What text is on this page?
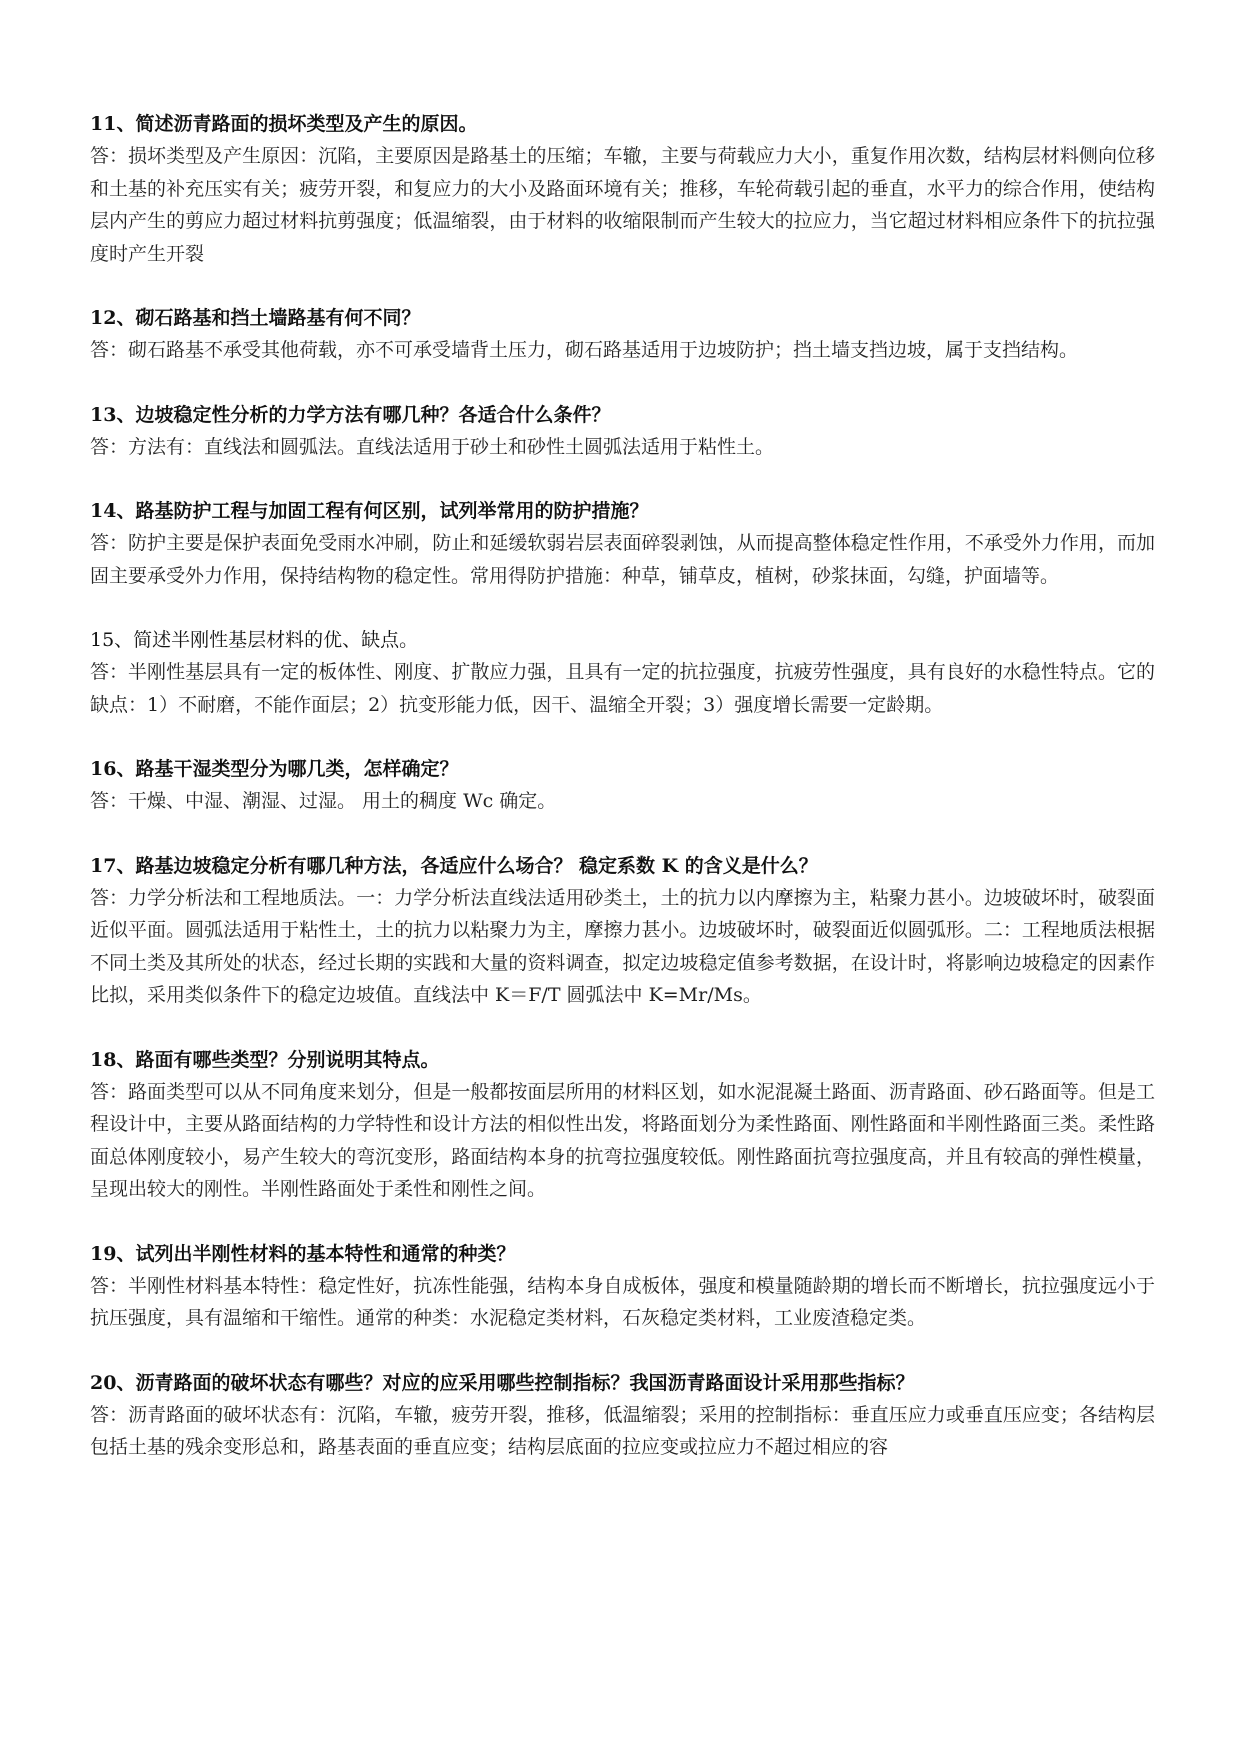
11、简述沥青路面的损坏类型及产生的原因。

答：损坏类型及产生原因：沉陷，主要原因是路基土的压缩；车辙，主要与荷载应力大小，重复作用次数，结构层材料侧向位移和土基的补充压实有关；疲劳开裂，和复应力的大小及路面环境有关；推移，车轮荷载引起的垂直，水平力的综合作用，使结构层内产生的剪应力超过材料抗剪强度；低温缩裂，由于材料的收缩限制而产生较大的拉应力，当它超过材料相应条件下的抗拉强度时产生开裂

12、砌石路基和挡土墙路基有何不同？

答：砌石路基不承受其他荷载，亦不可承受墙背土压力，砌石路基适用于边坡防护；挡土墙支挡边坡，属于支挡结构。

13、边坡稳定性分析的力学方法有哪几种？各适合什么条件？

答：方法有：直线法和圆弧法。直线法适用于砂土和砂性土圆弧法适用于粘性土。

14、路基防护工程与加固工程有何区别，试列举常用的防护措施？

答：防护主要是保护表面免受雨水冲刷，防止和延缓软弱岩层表面碎裂剥蚀，从而提高整体稳定性作用，不承受外力作用，而加固主要承受外力作用，保持结构物的稳定性。常用得防护措施：种草，铺草皮，植树，砂浆抹面，勾缝，护面墙等。

15、简述半刚性基层材料的优、缺点。

答：半刚性基层具有一定的板体性、刚度、扩散应力强，且具有一定的抗拉强度，抗疲劳性强度，具有良好的水稳性特点。它的缺点：1）不耐磨，不能作面层；2）抗变形能力低，因干、温缩全开裂；3）强度增长需要一定龄期。

16、路基干湿类型分为哪几类，怎样确定？

答：干燥、中湿、潮湿、过湿。 用土的稠度 Wc 确定。

17、路基边坡稳定分析有哪几种方法，各适应什么场合？ 稳定系数 K 的含义是什么？

答：力学分析法和工程地质法。一：力学分析法直线法适用砂类土，土的抗力以内摩擦为主，粘聚力甚小。边坡破坏时，破裂面近似平面。圆弧法适用于粘性土，土的抗力以粘聚力为主，摩擦力甚小。边坡破坏时，破裂面近似圆弧形。二：工程地质法根据不同土类及其所处的状态，经过长期的实践和大量的资料调查，拟定边坡稳定值参考数据，在设计时，将影响边坡稳定的因素作比拟，采用类似条件下的稳定边坡值。直线法中 K＝F/T 圆弧法中 K=Mr/Ms。

18、路面有哪些类型？分别说明其特点。

答：路面类型可以从不同角度来划分，但是一般都按面层所用的材料区划，如水泥混凝土路面、沥青路面、砂石路面等。但是工程设计中，主要从路面结构的力学特性和设计方法的相似性出发，将路面划分为柔性路面、刚性路面和半刚性路面三类。柔性路面总体刚度较小，易产生较大的弯沉变形，路面结构本身的抗弯拉强度较低。刚性路面抗弯拉强度高，并且有较高的弹性模量，呈现出较大的刚性。半刚性路面处于柔性和刚性之间。

19、试列出半刚性材料的基本特性和通常的种类？

答：半刚性材料基本特性：稳定性好，抗冻性能强，结构本身自成板体，强度和模量随龄期的增长而不断增长，抗拉强度远小于抗压强度，具有温缩和干缩性。通常的种类：水泥稳定类材料，石灰稳定类材料，工业废渣稳定类。

20、沥青路面的破坏状态有哪些？对应的应采用哪些控制指标？我国沥青路面设计采用那些指标？

答：沥青路面的破坏状态有：沉陷，车辙，疲劳开裂，推移，低温缩裂；采用的控制指标：垂直压应力或垂直压应变；各结构层包括土基的残余变形总和，路基表面的垂直应变；结构层底面的拉应变或拉应力不超过相应的容
